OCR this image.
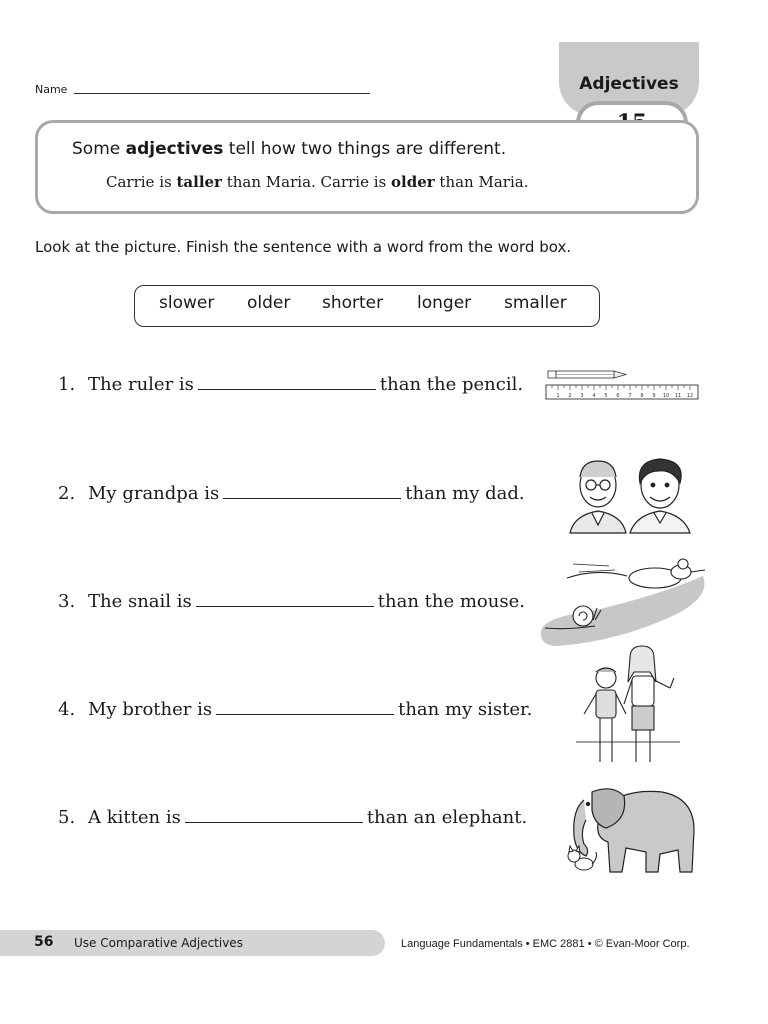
Name	Adjectives
Some adjectives tell how two things are different.
Carrie is taller than Maria. Carrie is older than Maria.
Look at the picture. Finish the sentence with a word from the word box.
slower older shorter longer smaller
1. The ruler is	than the pencil.
2. My grandpa is	than my dad.
3. The snail is	than the mouse.
4. My brother is	than my sister.
5. A kitten is	than an elephant.
1 2 3 4 5 6 7 8 9 10 11 12
56 Use Comparative Adjectives	Language Fundamentals • EMC 2881 • © Evan-Moor Corp.
